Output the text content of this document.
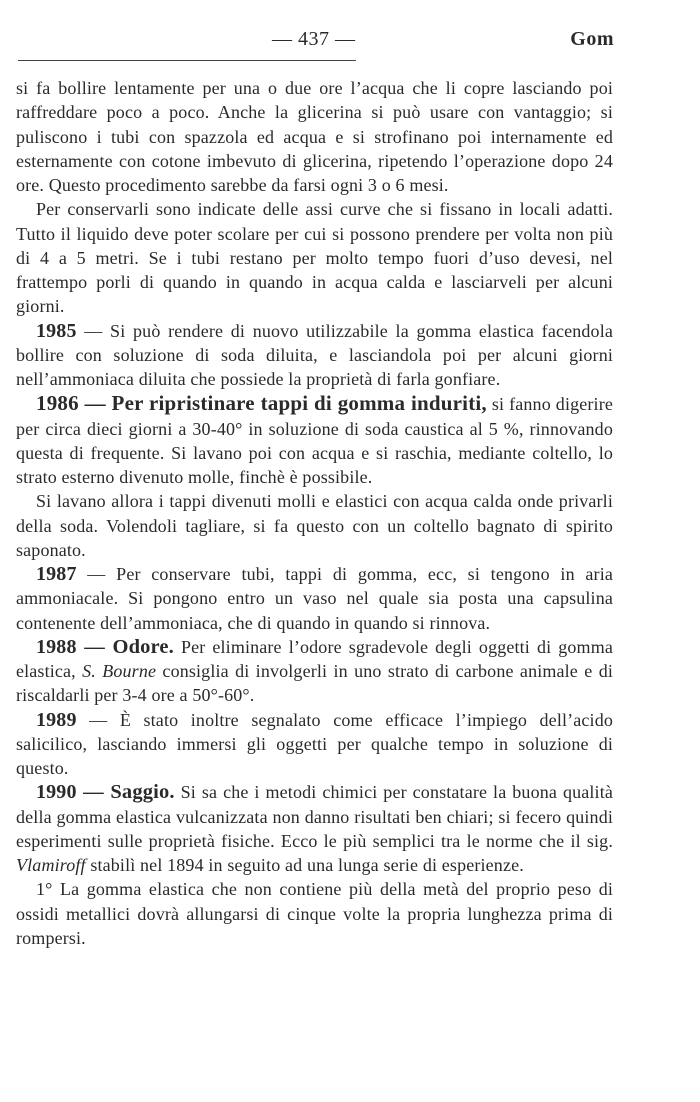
— 437 —	Gom

si fa bollire lentamente per una o due ore l’acqua che li copre lasciando poi raffreddare poco a poco. Anche la glicerina si può usare con vantaggio; si puliscono i tubi con spazzola ed acqua e si strofinano poi internamente ed esternamente con cotone imbevuto di glicerina, ripetendo l’operazione dopo 24 ore. Questo procedimento sarebbe da farsi ogni 3 o 6 mesi.

Per conservarli sono indicate delle assi curve che si fissano in locali adatti. Tutto il liquido deve poter scolare per cui si possono prendere per volta non più di 4 a 5 metri. Se i tubi restano per molto tempo fuori d’uso devesi, nel frattempo porli di quando in quando in acqua calda e lasciarveli per alcuni giorni.

1985 — Si può rendere di nuovo utilizzabile la gomma elastica facendola bollire con soluzione di soda diluita, e lasciandola poi per alcuni giorni nell’ammoniaca diluita che possiede la proprietà di farla gonfiare.

1986 — Per ripristinare tappi di gomma induriti, si fanno digerire per circa dieci giorni a 30-40° in soluzione di soda caustica al 5 %, rinnovando questa di frequente. Si lavano poi con acqua e si raschia, mediante coltello, lo strato esterno divenuto molle, finchè è possibile.

Si lavano allora i tappi divenuti molli e elastici con acqua calda onde privarli della soda. Volendoli tagliare, si fa questo con un coltello bagnato di spirito saponato.

1987 — Per conservare tubi, tappi di gomma, ecc, si tengono in aria ammoniacale. Si pongono entro un vaso nel quale sia posta una capsulina contenente dell’ammoniaca, che di quando in quando si rinnova.

1988 — Odore. Per eliminare l’odore sgradevole degli oggetti di gomma elastica, S. Bourne consiglia di involgerli in uno strato di carbone animale e di riscaldarli per 3-4 ore a 50°-60°.

1989 — È stato inoltre segnalato come efficace l’impiego dell’acido salicilico, lasciando immersi gli oggetti per qualche tempo in soluzione di questo.

1990 — Saggio. Si sa che i metodi chimici per constatare la buona qualità della gomma elastica vulcanizzata non danno risultati ben chiari; si fecero quindi esperimenti sulle proprietà fisiche. Ecco le più semplici tra le norme che il sig. Vlamiroff stabilì nel 1894 in seguito ad una lunga serie di esperienze.

1° La gomma elastica che non contiene più della metà del proprio peso di ossidi metallici dovrà allungarsi di cinque volte la propria lunghezza prima di rompersi.
